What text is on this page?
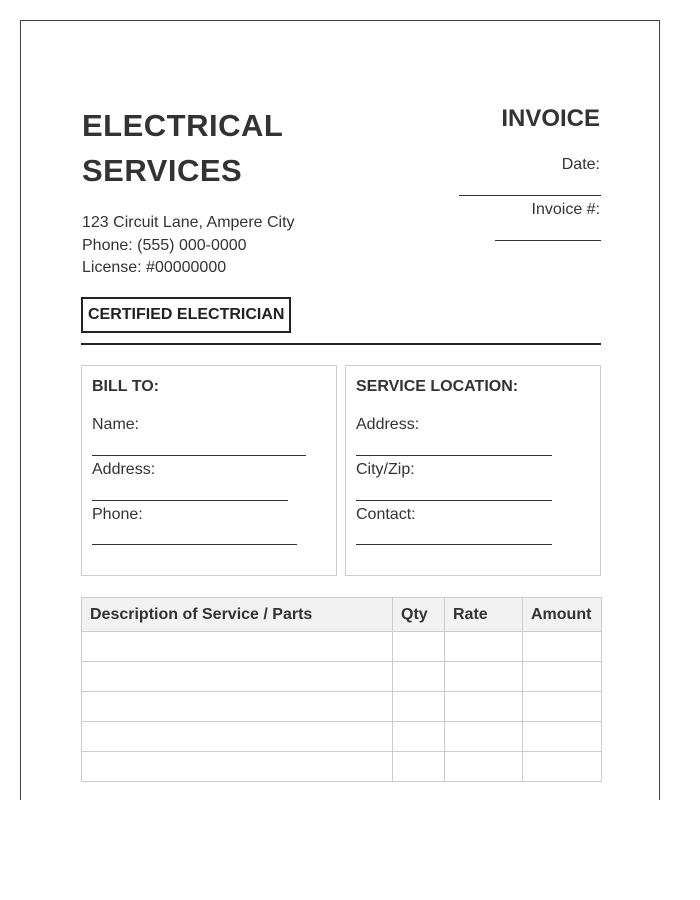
ELECTRICAL
SERVICES
123 Circuit Lane, Ampere City
Phone: (555) 000-0000
License: #00000000
INVOICE
Date:
Invoice #:
CERTIFIED ELECTRICIAN
BILL TO:
Name:
Address:
Phone:
SERVICE LOCATION:
Address:
City/Zip:
Contact:
Description of Service / Parts	Qty	Rate	Amount
